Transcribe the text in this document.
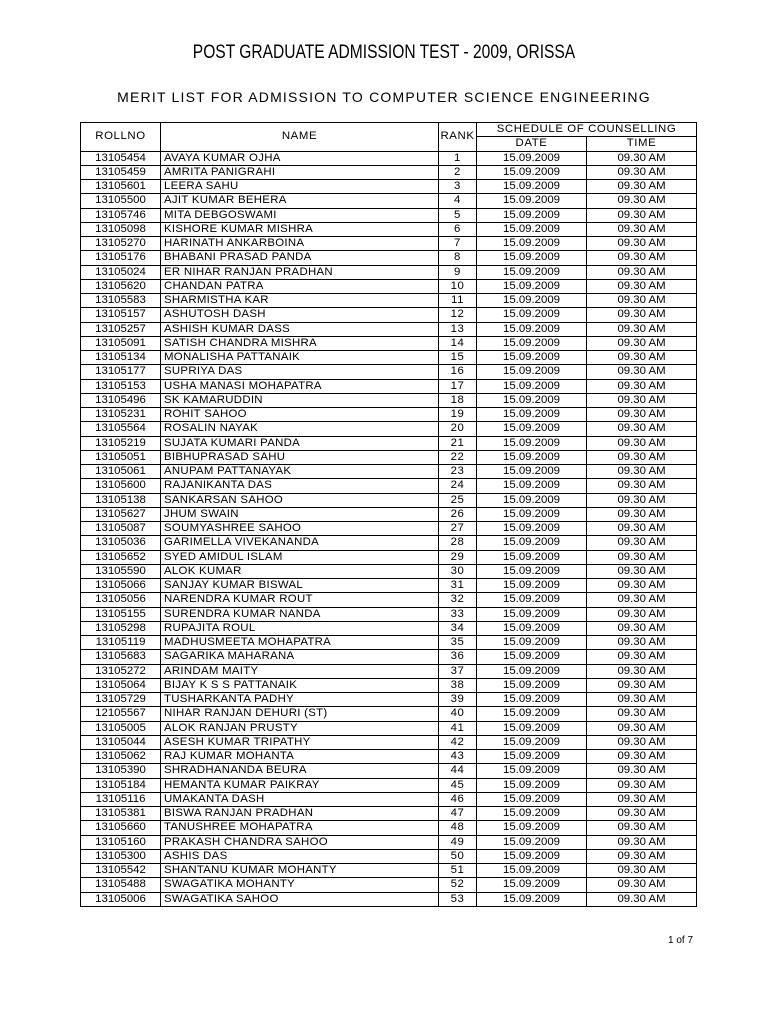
POST GRADUATE ADMISSION TEST - 2009, ORISSA
MERIT LIST FOR ADMISSION TO COMPUTER SCIENCE ENGINEERING
ROLLNO	NAME	RANK	SCHEDULE OF COUNSELLING	
			DATE	TIME
13105454	AVAYA KUMAR OJHA	1	15.09.2009	09.30 AM
13105459	AMRITA PANIGRAHI	2	15.09.2009	09.30 AM
13105601	LEERA SAHU	3	15.09.2009	09.30 AM
13105500	AJIT KUMAR BEHERA	4	15.09.2009	09.30 AM
13105746	MITA DEBGOSWAMI	5	15.09.2009	09.30 AM
13105098	KISHORE KUMAR MISHRA	6	15.09.2009	09.30 AM
13105270	HARINATH ANKARBOINA	7	15.09.2009	09.30 AM
13105176	BHABANI PRASAD PANDA	8	15.09.2009	09.30 AM
13105024	ER NIHAR RANJAN PRADHAN	9	15.09.2009	09.30 AM
13105620	CHANDAN PATRA	10	15.09.2009	09.30 AM
13105583	SHARMISTHA KAR	11	15.09.2009	09.30 AM
13105157	ASHUTOSH DASH	12	15.09.2009	09.30 AM
13105257	ASHISH KUMAR DASS	13	15.09.2009	09.30 AM
13105091	SATISH CHANDRA MISHRA	14	15.09.2009	09.30 AM
13105134	MONALISHA PATTANAIK	15	15.09.2009	09.30 AM
13105177	SUPRIYA DAS	16	15.09.2009	09.30 AM
13105153	USHA MANASI MOHAPATRA	17	15.09.2009	09.30 AM
13105496	SK KAMARUDDIN	18	15.09.2009	09.30 AM
13105231	ROHIT SAHOO	19	15.09.2009	09.30 AM
13105564	ROSALIN NAYAK	20	15.09.2009	09.30 AM
13105219	SUJATA KUMARI PANDA	21	15.09.2009	09.30 AM
13105051	BIBHUPRASAD SAHU	22	15.09.2009	09.30 AM
13105061	ANUPAM PATTANAYAK	23	15.09.2009	09.30 AM
13105600	RAJANIKANTA DAS	24	15.09.2009	09.30 AM
13105138	SANKARSAN SAHOO	25	15.09.2009	09.30 AM
13105627	JHUM SWAIN	26	15.09.2009	09.30 AM
13105087	SOUMYASHREE SAHOO	27	15.09.2009	09.30 AM
13105036	GARIMELLA VIVEKANANDA	28	15.09.2009	09.30 AM
13105652	SYED AMIDUL ISLAM	29	15.09.2009	09.30 AM
13105590	ALOK KUMAR	30	15.09.2009	09.30 AM
13105066	SANJAY KUMAR BISWAL	31	15.09.2009	09.30 AM
13105056	NARENDRA KUMAR ROUT	32	15.09.2009	09.30 AM
13105155	SURENDRA KUMAR NANDA	33	15.09.2009	09.30 AM
13105298	RUPAJITA ROUL	34	15.09.2009	09.30 AM
13105119	MADHUSMEETA MOHAPATRA	35	15.09.2009	09.30 AM
13105683	SAGARIKA MAHARANA	36	15.09.2009	09.30 AM
13105272	ARINDAM MAITY	37	15.09.2009	09.30 AM
13105064	BIJAY K S S PATTANAIK	38	15.09.2009	09.30 AM
13105729	TUSHARKANTA PADHY	39	15.09.2009	09.30 AM
12105567	NIHAR RANJAN DEHURI (ST)	40	15.09.2009	09.30 AM
13105005	ALOK RANJAN PRUSTY	41	15.09.2009	09.30 AM
13105044	ASESH KUMAR TRIPATHY	42	15.09.2009	09.30 AM
13105062	RAJ KUMAR MOHANTA	43	15.09.2009	09.30 AM
13105390	SHRADHANANDA BEURA	44	15.09.2009	09.30 AM
13105184	HEMANTA KUMAR PAIKRAY	45	15.09.2009	09.30 AM
13105116	UMAKANTA DASH	46	15.09.2009	09.30 AM
13105381	BISWA RANJAN PRADHAN	47	15.09.2009	09.30 AM
13105660	TANUSHREE MOHAPATRA	48	15.09.2009	09.30 AM
13105160	PRAKASH CHANDRA SAHOO	49	15.09.2009	09.30 AM
13105300	ASHIS DAS	50	15.09.2009	09.30 AM
13105542	SHANTANU KUMAR MOHANTY	51	15.09.2009	09.30 AM
13105488	SWAGATIKA MOHANTY	52	15.09.2009	09.30 AM
13105006	SWAGATIKA SAHOO	53	15.09.2009	09.30 AM
1 of 7
